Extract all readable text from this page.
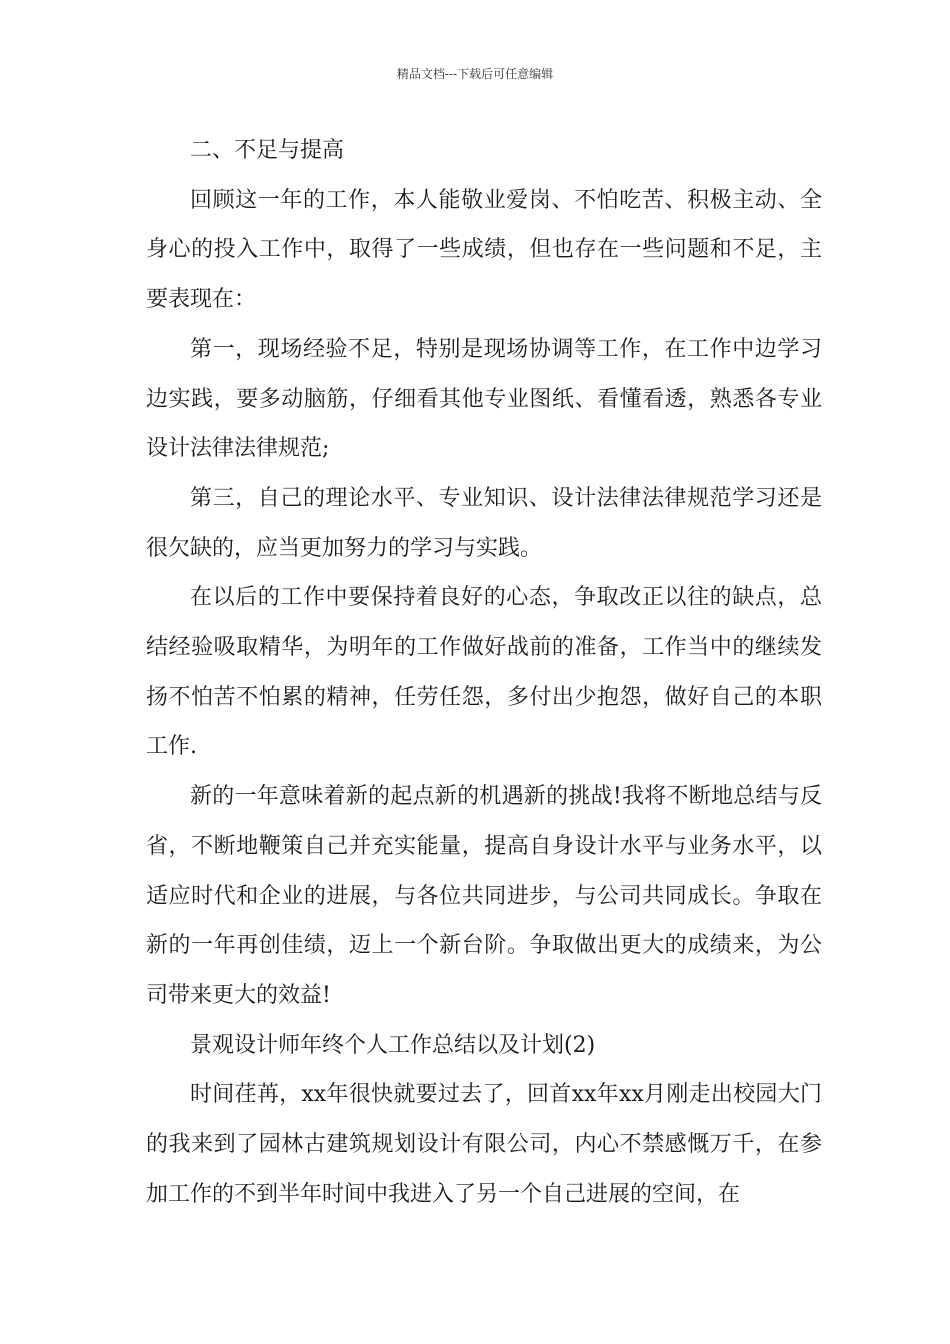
精品文档---下载后可任意编辑

二、不足与提高

回顾这一年的工作，本人能敬业爱岗、不怕吃苦、积极主动、全身心的投入工作中，取得了一些成绩，但也存在一些问题和不足，主要表现在：

第一，现场经验不足，特别是现场协调等工作，在工作中边学习边实践，要多动脑筋，仔细看其他专业图纸、看懂看透，熟悉各专业设计法律法律规范;

第三，自己的理论水平、专业知识、设计法律法律规范学习还是很欠缺的，应当更加努力的学习与实践。

在以后的工作中要保持着良好的心态，争取改正以往的缺点，总结经验吸取精华，为明年的工作做好战前的准备，工作当中的继续发扬不怕苦不怕累的精神，任劳任怨，多付出少抱怨，做好自己的本职工作.

新的一年意味着新的起点新的机遇新的挑战!我将不断地总结与反省，不断地鞭策自己并充实能量，提高自身设计水平与业务水平，以适应时代和企业的进展，与各位共同进步，与公司共同成长。争取在新的一年再创佳绩，迈上一个新台阶。争取做出更大的成绩来，为公司带来更大的效益!

景观设计师年终个人工作总结以及计划(2)

时间荏苒，xx年很快就要过去了，回首xx年xx月刚走出校园大门的我来到了园林古建筑规划设计有限公司，内心不禁感慨万千，在参加工作的不到半年时间中我进入了另一个自己进展的空间，在
